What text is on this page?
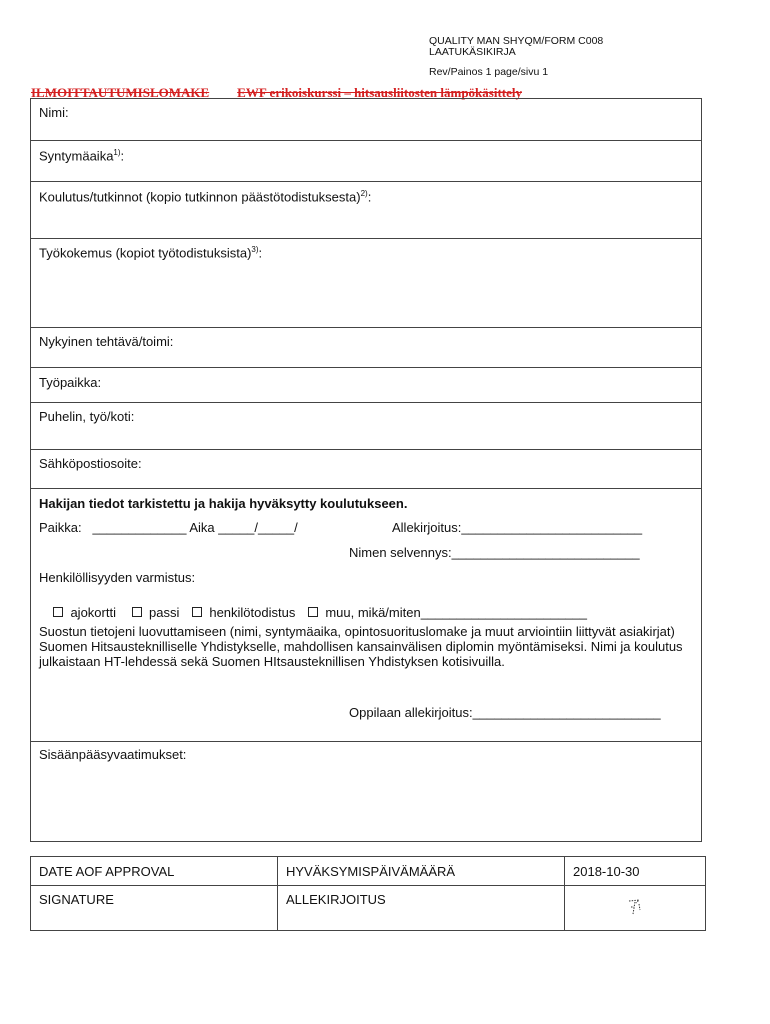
QUALITY MAN SHYQM/FORM C008
LAATUKÄSIKIRJA
Rev/Painos 1 page/sivu 1
ILMOITTAUTUMISLOMAKE EWF erikoiskurssi – hitsausliitosten lämpökäsittely
Nimi:
Syntymäaika$^{1)}$:
Koulutus/tutkinnot (kopio tutkinnon päästötodistuksesta)$^{2)}$:
Työkokemus (kopiot työtodistuksista)$^{3)}$:
Nykyinen tehtävä/toimi:
Työpaikka:
Puhelin, työ/koti:
Sähköpostiosoite:
Hakijan tiedot tarkistettu ja hakija hyväksytty koulutukseen.
Paikka:   _____________ Aika _____/_____/	Allekirjoitus:_________________________
Nimen selvennys:__________________________
Henkilöllisyyden varmistus:

ajokortti	passi henkilötodistus muu, mikä/miten_______________________

Suostun tietojeni luovuttamiseen (nimi, syntymäaika, opintosuorituslomake ja muut arviointiin liittyvät asiakirjat) Suomen Hitsausteknilliselle Yhdistykselle, mahdollisen kansainvälisen diplomin myöntämiseksi. Nimi ja koulutus julkaistaan HT-lehdessä sekä Suomen HItsausteknillisen Yhdistyksen kotisivuilla.
Oppilaan allekirjoitus:__________________________
Sisäänpääsyvaatimukset:
DATE AOF APPROVAL	HYVÄKSYMISPÄIVÄMÄÄRÄ	2018-10-30
SIGNATURE	ALLEKIRJOITUS	
